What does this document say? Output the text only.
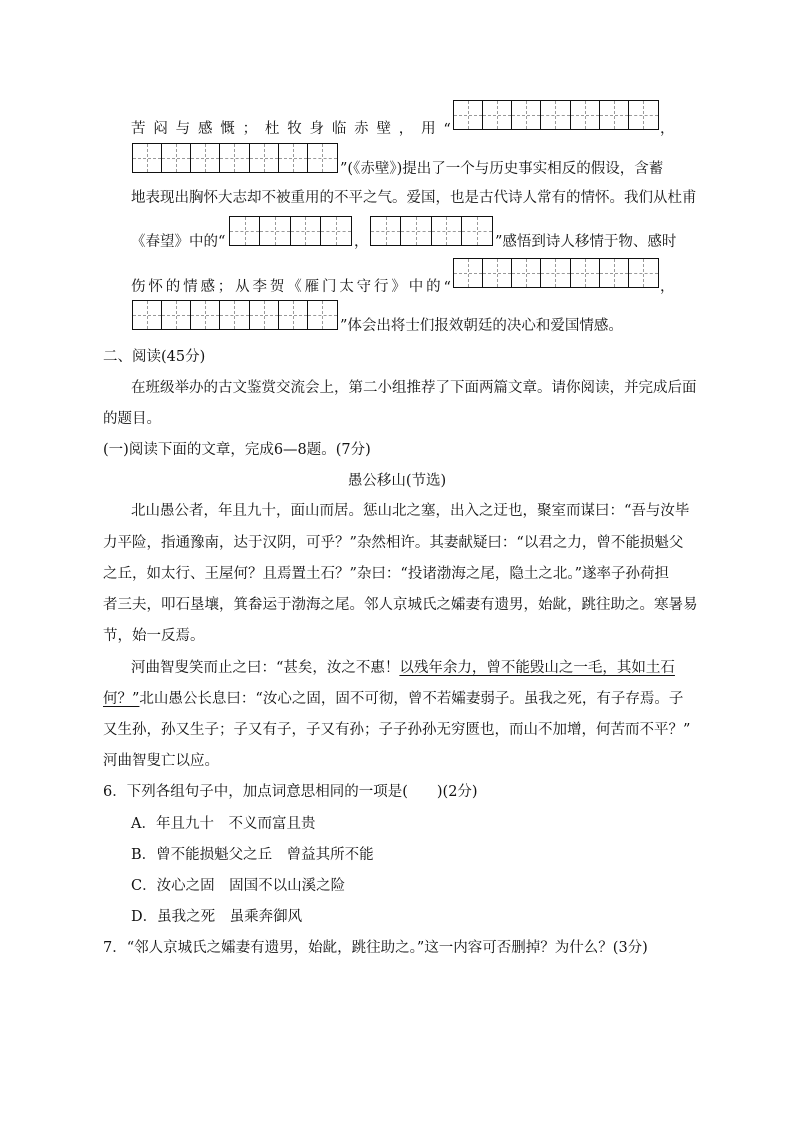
苦 闷 与 感 慨 ； 杜 牧 身 临 赤 壁 ， 用 “	，
”(《赤壁》)提出了一个与历史事实相反的假设，含蓄
地表现出胸怀大志却不被重用的不平之气。爱国，也是古代诗人常有的情怀。我们从杜甫
《春望》中的“	，	”感悟到诗人移情于物、感时
伤 怀 的 情 感 ； 从 李 贺 《 雁 门 太 守 行 》 中 的 “	，
”体会出将士们报效朝廷的决心和爱国情感。
二、阅读(45分)
在班级举办的古文鉴赏交流会上，第二小组推荐了下面两篇文章。请你阅读，并完成后面
的题目。
(一)阅读下面的文章，完成6—8题。(7分)
愚公移山(节选)
北山愚公者，年且九十，面山而居。惩山北之塞，出入之迂也，聚室而谋曰：“吾与汝毕
力平险，指通豫南，达于汉阴，可乎？”杂然相许。其妻献疑曰：“以君之力，曾不能损魁父
之丘，如太行、王屋何？且焉置土石？”杂曰：“投诸渤海之尾，隐土之北。”遂率子孙荷担
者三夫，叩石垦壤，箕畚运于渤海之尾。邻人京城氏之孀妻有遗男，始龀，跳往助之。寒暑易
节，始一反焉。
河曲智叟笑而止之曰：“甚矣，汝之不惠！以残年余力，曾不能毁山之一毛，其如土石
何？”北山愚公长息曰：“汝心之固，固不可彻，曾不若孀妻弱子。虽我之死，有子存焉。子
又生孙，孙又生子；子又有子，子又有孙；子子孙孙无穷匮也，而山不加增，何苦而不平？”
河曲智叟亡以应。
6．下列各组句子中，加点词意思相同的一项是(　　)(2分)
A．年且九十　不义而富且贵
B．曾不能损魁父之丘　曾益其所不能
C．汝心之固　固国不以山溪之险
D．虽我之死　虽乘奔御风
7．“邻人京城氏之孀妻有遗男，始龀，跳往助之。”这一内容可否删掉？为什么？(3分)
